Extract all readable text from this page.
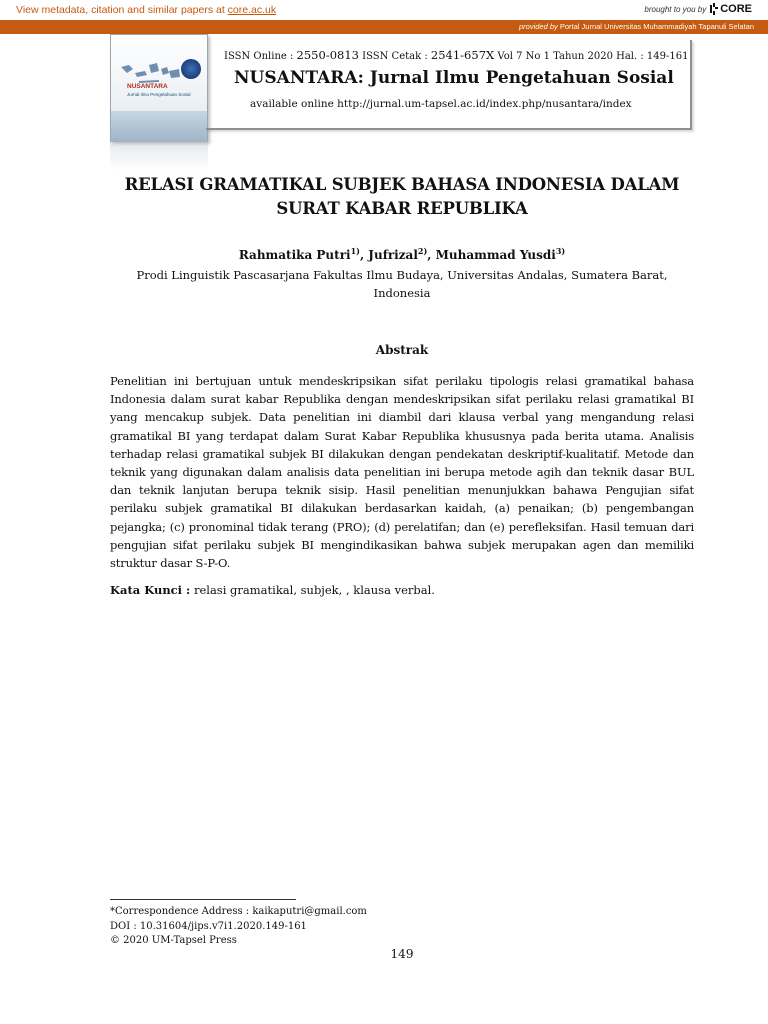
View metadata, citation and similar papers at core.ac.uk	brought to you by CORE
provided by Portal Jurnal Universitas Muhammadiyah Tapanuli Selatan
NUSANTARA
Jurnal Ilmu Pengetahuan Sosial
ISSN Online : 2550-0813 ISSN Cetak : 2541-657X Vol 7 No 1 Tahun 2020 Hal. : 149-161
NUSANTARA: Jurnal Ilmu Pengetahuan Sosial
available online http://jurnal.um-tapsel.ac.id/index.php/nusantara/index
RELASI GRAMATIKAL SUBJEK BAHASA INDONESIA DALAM
SURAT KABAR REPUBLIKA
Rahmatika Putri$^{1)}$, Jufrizal$^{2)}$, Muhammad Yusdi$^{3)}$
Prodi Linguistik Pascasarjana Fakultas Ilmu Budaya, Universitas Andalas, Sumatera Barat,
Indonesia
Abstrak
Penelitian ini bertujuan untuk mendeskripsikan sifat perilaku tipologis relasi gramatikal bahasa Indonesia dalam surat kabar Republika dengan mendeskripsikan sifat perilaku relasi gramatikal BI yang mencakup subjek. Data penelitian ini diambil dari klausa verbal yang mengandung relasi gramatikal BI yang terdapat dalam Surat Kabar Republika khususnya pada berita utama. Analisis terhadap relasi gramatikal subjek BI dilakukan dengan pendekatan deskriptif-kualitatif. Metode dan teknik yang digunakan dalam analisis data penelitian ini berupa metode agih dan teknik dasar BUL dan teknik lanjutan berupa teknik sisip. Hasil penelitian menunjukkan bahawa Pengujian sifat perilaku subjek gramatikal BI dilakukan berdasarkan kaidah, (a) penaikan; (b) pengembangan pejangka; (c) pronominal tidak terang (PRO); (d) perelatifan; dan (e) perefleksifan. Hasil temuan dari pengujian sifat perilaku subjek BI mengindikasikan bahwa subjek merupakan agen dan memiliki struktur dasar S-P-O.
Kata Kunci : relasi gramatikal, subjek, , klausa verbal.
*Correspondence Address : kaikaputri@gmail.com
DOI : 10.31604/jips.v7i1.2020.149-161
© 2020 UM-Tapsel Press
149
